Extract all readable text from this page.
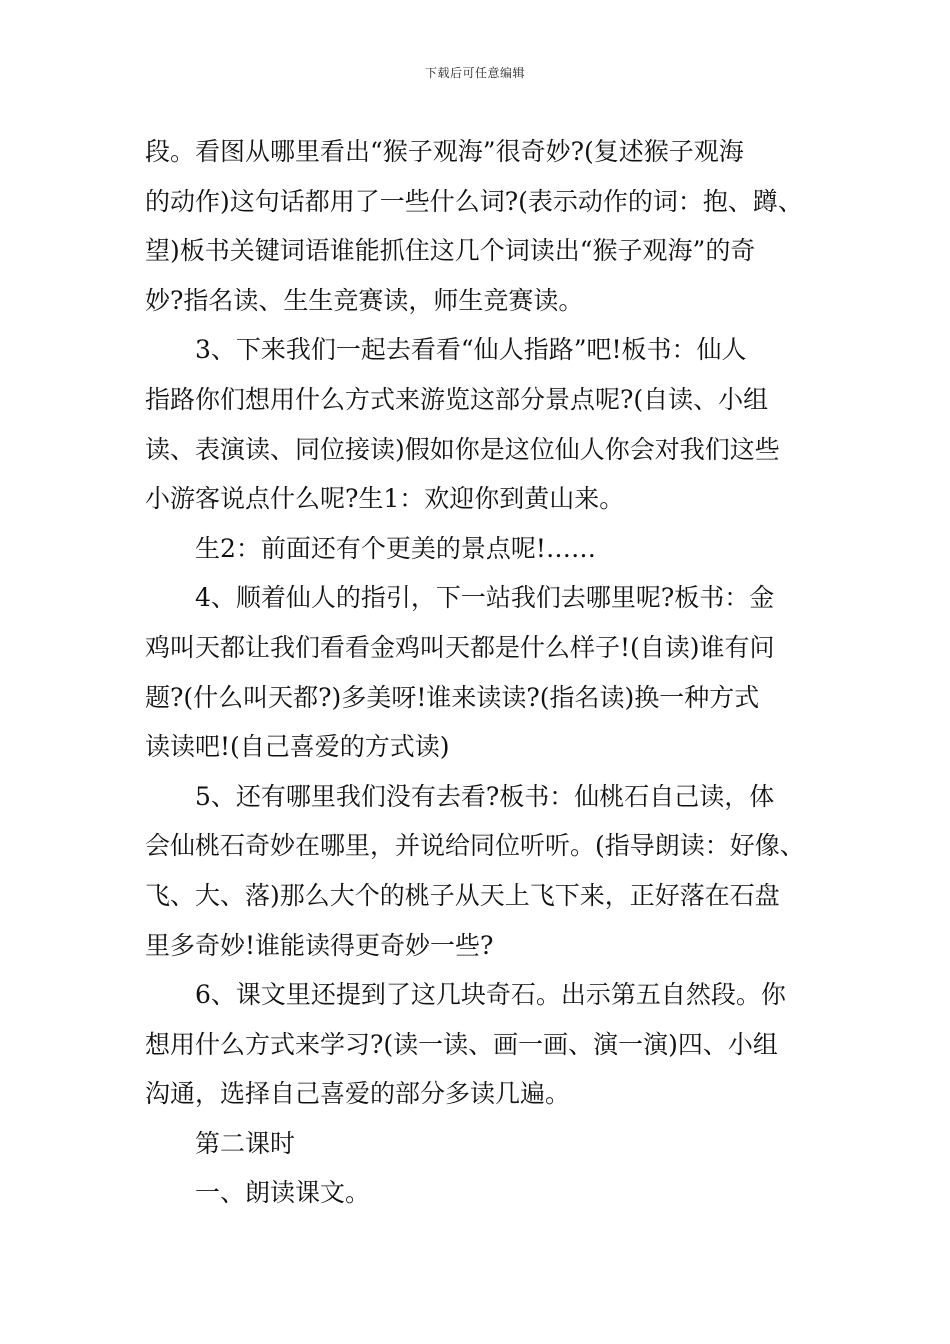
下载后可任意编辑
段。看图从哪里看出“猴子观海”很奇妙?(复述猴子观海
的动作)这句话都用了一些什么词?(表示动作的词：抱、蹲、
望)板书关键词语谁能抓住这几个词读出“猴子观海”的奇
妙?指名读、生生竞赛读，师生竞赛读。
3、下来我们一起去看看“仙人指路”吧!板书：仙人
指路你们想用什么方式来游览这部分景点呢?(自读、小组
读、表演读、同位接读)假如你是这位仙人你会对我们这些
小游客说点什么呢?生1：欢迎你到黄山来。
生2：前面还有个更美的景点呢!……
4、顺着仙人的指引，下一站我们去哪里呢?板书：金
鸡叫天都让我们看看金鸡叫天都是什么样子!(自读)谁有问
题?(什么叫天都?)多美呀!谁来读读?(指名读)换一种方式
读读吧!(自己喜爱的方式读)
5、还有哪里我们没有去看?板书：仙桃石自己读，体
会仙桃石奇妙在哪里，并说给同位听听。(指导朗读：好像、
飞、大、落)那么大个的桃子从天上飞下来，正好落在石盘
里多奇妙!谁能读得更奇妙一些?
6、课文里还提到了这几块奇石。出示第五自然段。你
想用什么方式来学习?(读一读、画一画、演一演)四、小组
沟通，选择自己喜爱的部分多读几遍。
第二课时
一、朗读课文。
